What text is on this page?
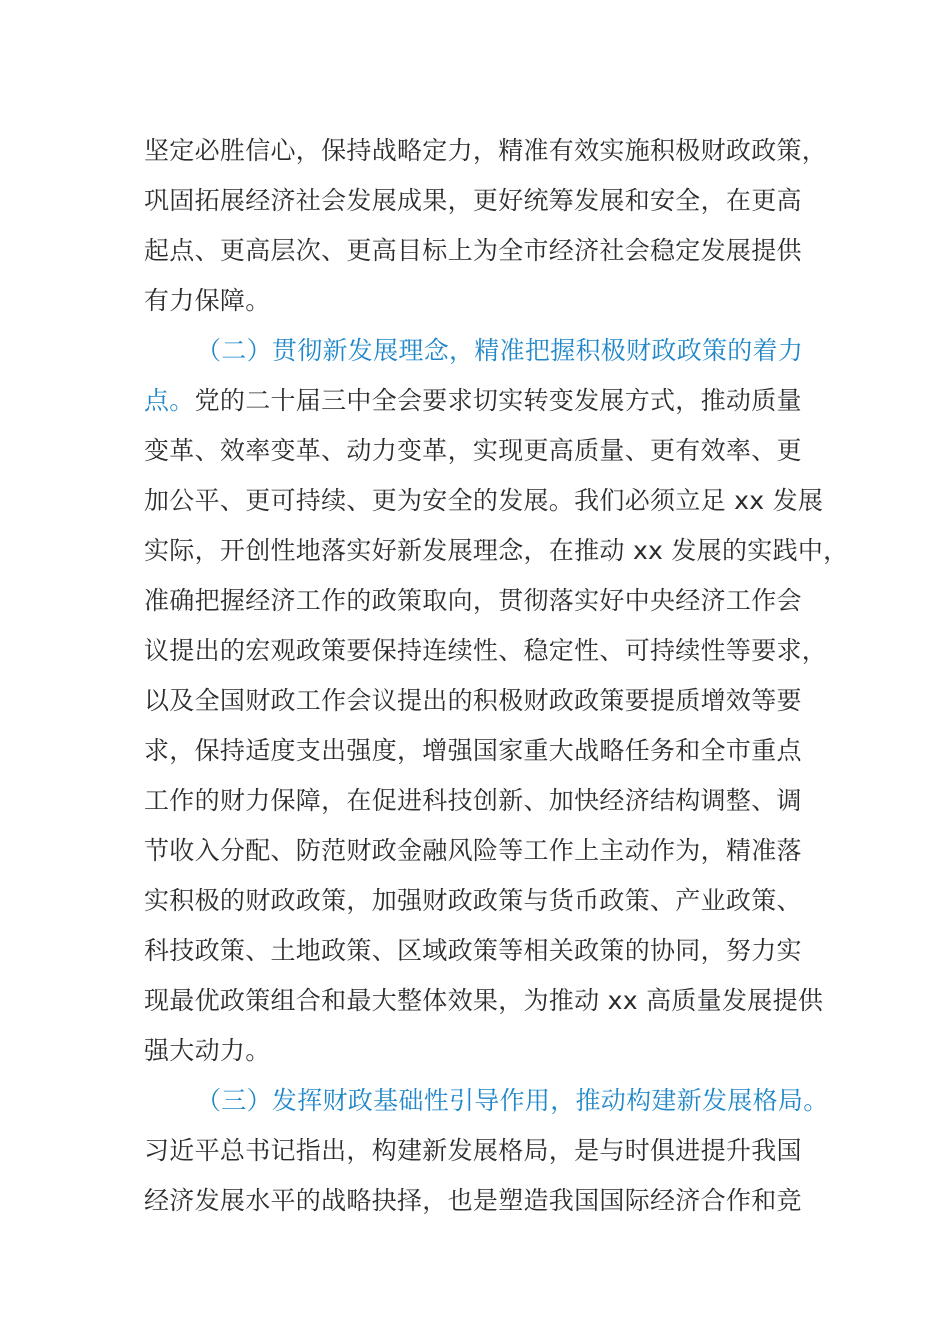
坚定必胜信心，保持战略定力，精准有效实施积极财政政策，
巩固拓展经济社会发展成果，更好统筹发展和安全，在更高
起点、更高层次、更高目标上为全市经济社会稳定发展提供
有力保障。
（二）贯彻新发展理念，精准把握积极财政政策的着力
点。党的二十届三中全会要求切实转变发展方式，推动质量
变革、效率变革、动力变革，实现更高质量、更有效率、更
加公平、更可持续、更为安全的发展。我们必须立足 xx 发展
实际，开创性地落实好新发展理念，在推动 xx 发展的实践中，
准确把握经济工作的政策取向，贯彻落实好中央经济工作会
议提出的宏观政策要保持连续性、稳定性、可持续性等要求，
以及全国财政工作会议提出的积极财政政策要提质增效等要
求，保持适度支出强度，增强国家重大战略任务和全市重点
工作的财力保障，在促进科技创新、加快经济结构调整、调
节收入分配、防范财政金融风险等工作上主动作为，精准落
实积极的财政政策，加强财政政策与货币政策、产业政策、
科技政策、土地政策、区域政策等相关政策的协同，努力实
现最优政策组合和最大整体效果，为推动 xx 高质量发展提供
强大动力。
（三）发挥财政基础性引导作用，推动构建新发展格局。
习近平总书记指出，构建新发展格局，是与时俱进提升我国
经济发展水平的战略抉择，也是塑造我国国际经济合作和竞
